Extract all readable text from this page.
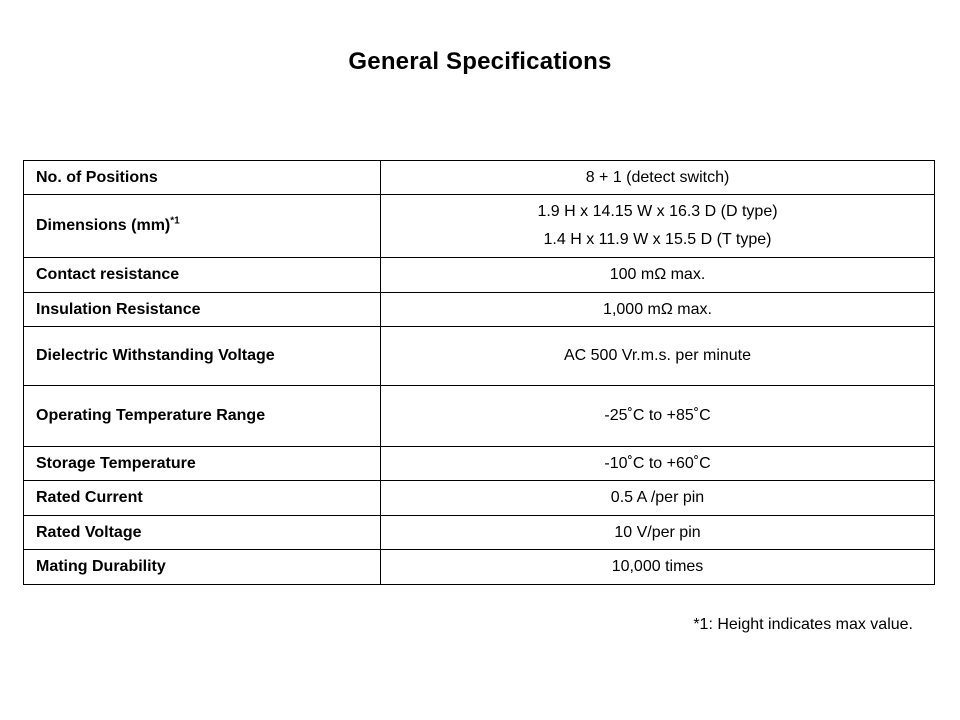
General Specifications
No. of Positions	8 + 1 (detect switch)
Dimensions (mm)$^{*1}$	1.9 H x 14.15 W x 16.3 D (D type)
1.4 H x 11.9 W x 15.5 D (T type)

Contact resistance	100 mΩ max.
Insulation Resistance	1,000 mΩ max.
Dielectric Withstanding Voltage	AC 500 Vr.m.s. per minute
Operating Temperature Range	-25˚C to +85˚C
Storage Temperature	-10˚C to +60˚C
Rated Current	0.5 A /per pin
Rated Voltage	10 V/per pin
Mating Durability	10,000 times
*1: Height indicates max value.
